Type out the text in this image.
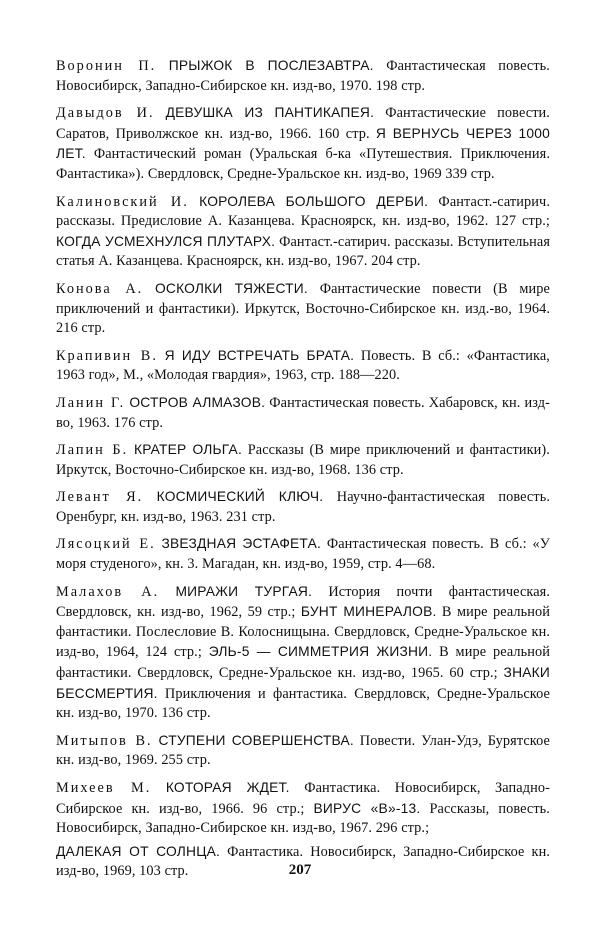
Воронин П. ПРЫЖОК В ПОСЛЕЗАВТРА. Фантастическая повесть. Новосибирск, Западно-Сибирское кн. изд-во, 1970. 198 стр.

Давыдов И. ДЕВУШКА ИЗ ПАНТИКАПЕЯ. Фантастические повести. Саратов, Приволжское кн. изд-во, 1966. 160 стр. Я ВЕРНУСЬ ЧЕРЕЗ 1000 ЛЕТ. Фантастический роман (Уральская б-ка «Путешествия. Приключения. Фантастика»). Свердловск, Средне-Уральское кн. изд-во, 1969 339 стр.

Калиновский И. КОРОЛЕВА БОЛЬШОГО ДЕРБИ. Фантаст.-сатирич. рассказы. Предисловие А. Казанцева. Красноярск, кн. изд-во, 1962. 127 стр.; КОГДА УСМЕХНУЛСЯ ПЛУТАРХ. Фантаст.-сатирич. рассказы. Вступительная статья А. Казанцева. Красноярск, кн. изд-во, 1967. 204 стр.

Конова А. ОСКОЛКИ ТЯЖЕСТИ. Фантастические повести (В мире приключений и фантастики). Иркутск, Восточно-Сибирское кн. изд.-во, 1964. 216 стр.

Крапивин В. Я ИДУ ВСТРЕЧАТЬ БРАТА. Повесть. В сб.: «Фантастика, 1963 год», М., «Молодая гвардия», 1963, стр. 188—220.

Ланин Г. ОСТРОВ АЛМАЗОВ. Фантастическая повесть. Хабаровск, кн. изд-во, 1963. 176 стр.

Лапин Б. КРАТЕР ОЛЬГА. Рассказы (В мире приключений и фантастики). Иркутск, Восточно-Сибирское кн. изд-во, 1968. 136 стр.

Левант Я. КОСМИЧЕСКИЙ КЛЮЧ. Научно-фантастическая повесть. Оренбург, кн. изд-во, 1963. 231 стр.

Лясоцкий Е. ЗВЕЗДНАЯ ЭСТАФЕТА. Фантастическая повесть. В сб.: «У моря студеного», кн. 3. Магадан, кн. изд-во, 1959, стр. 4—68.

Малахов А. МИРАЖИ ТУРГАЯ. История почти фантастическая. Свердловск, кн. изд-во, 1962, 59 стр.; БУНТ МИНЕРАЛОВ. В мире реальной фантастики. Послесловие В. Колоснищына. Свердловск, Средне-Уральское кн. изд-во, 1964, 124 стр.; ЭЛЬ-5 — СИММЕТРИЯ ЖИЗНИ. В мире реальной фантастики. Свердловск, Средне-Уральское кн. изд-во, 1965. 60 стр.; ЗНАКИ БЕССМЕРТИЯ. Приключения и фантастика. Свердловск, Средне-Уральское кн. изд-во, 1970. 136 стр.

Митыпов В. СТУПЕНИ СОВЕРШЕНСТВА. Повести. Улан-Удэ, Бурятское кн. изд-во, 1969. 255 стр.

Михеев М. КОТОРАЯ ЖДЕТ. Фантастика. Новосибирск, Западно-Сибирское кн. изд-во, 1966. 96 стр.; ВИРУС «В»-13. Рассказы, повесть. Новосибирск, Западно-Сибирское кн. изд-во, 1967. 296 стр.;

ДАЛЕКАЯ ОТ СОЛНЦА. Фантастика. Новосибирск, Западно-Сибирское кн. изд-во, 1969, 103 стр.	207
